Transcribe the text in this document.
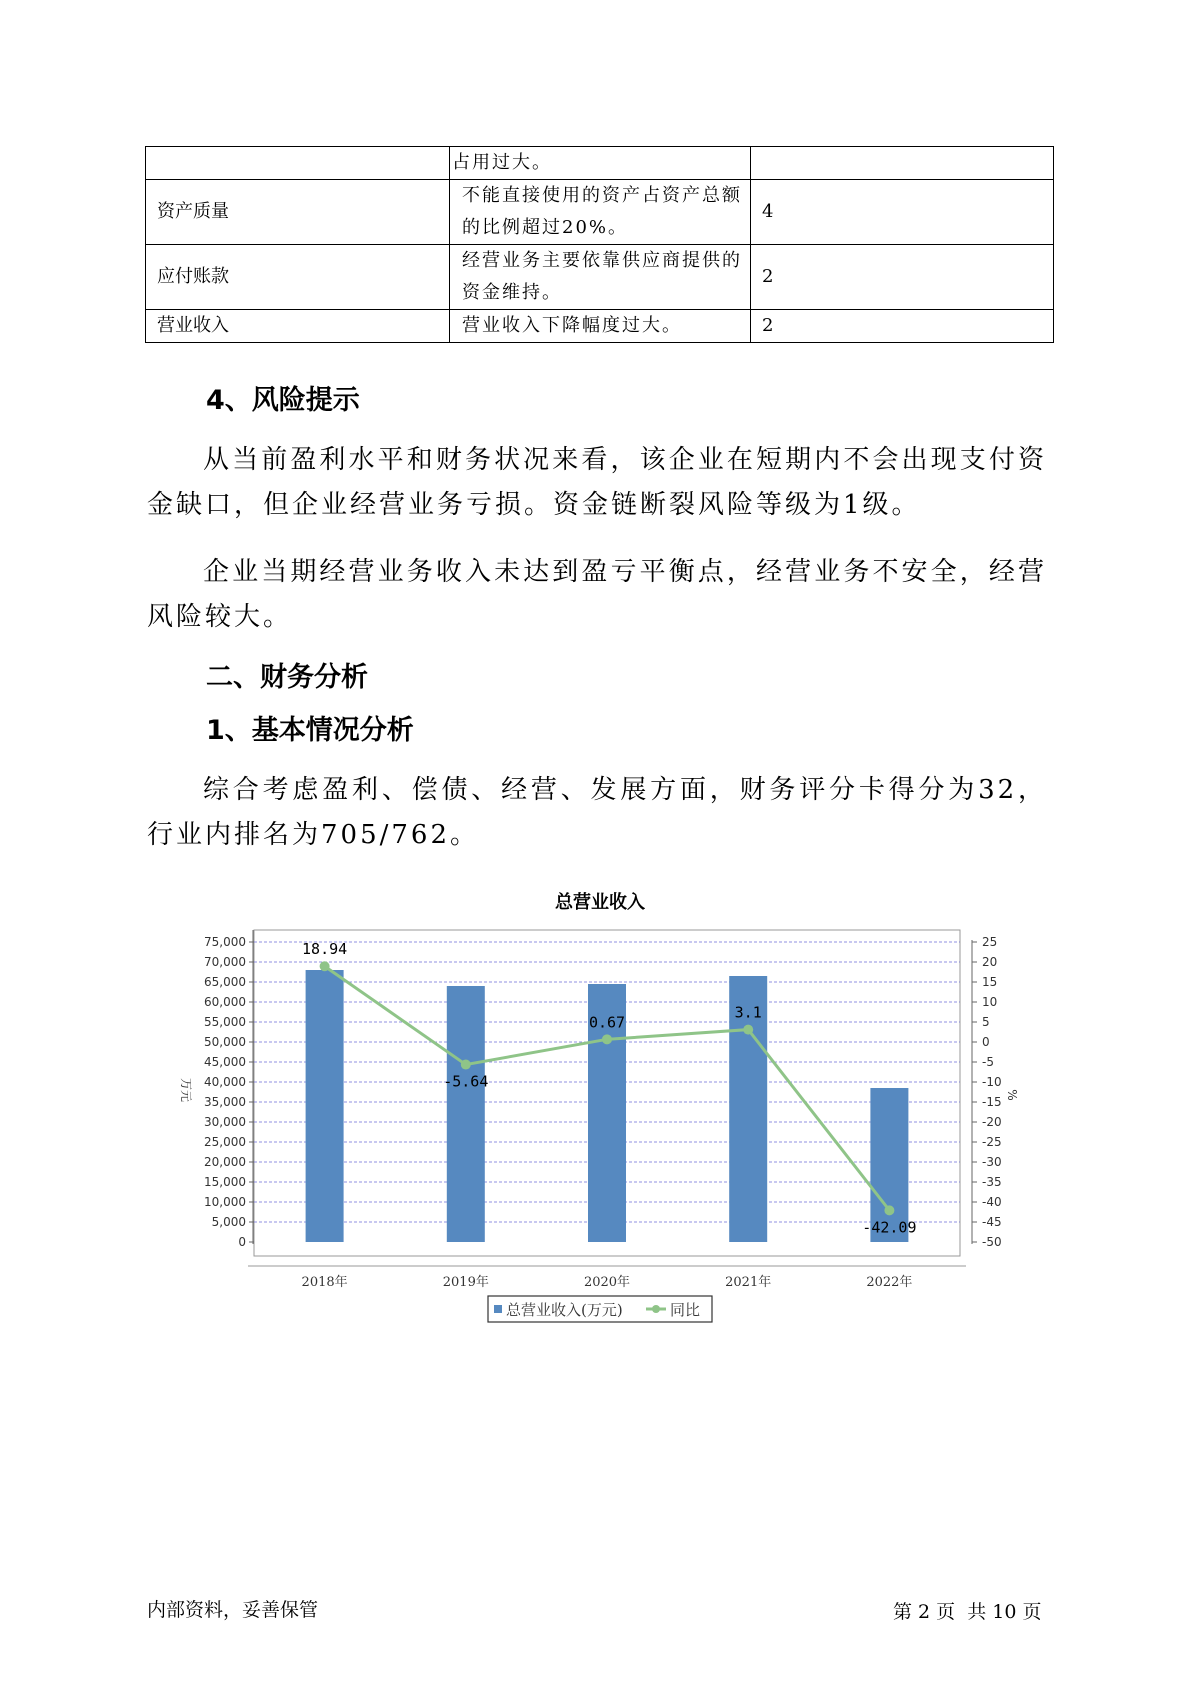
	占用过大。	
资产质量	不能直接使用的资产占资产总额的比例超过20%。	4
应付账款	经营业务主要依靠供应商提供的资金维持。	2
营业收入	营业收入下降幅度过大。	2
4、风险提示

从当前盈利水平和财务状况来看，该企业在短期内不会出现支付资金缺口，但企业经营业务亏损。资金链断裂风险等级为1级。

企业当期经营业务收入未达到盈亏平衡点，经营业务不安全，经营风险较大。

二、财务分析
1、基本情况分析

综合考虑盈利、偿债、经营、发展方面，财务评分卡得分为32，行业内排名为705/762。

总营业收入
0
5,000
10,000
15,000
20,000
25,000
30,000
35,000
40,000
45,000
50,000
55,000
60,000
65,000
70,000
75,000
-50
-45
-40
-35
-30
-25
-20
-15
-10
-5
0
5
10
15
20
25
万元	%
2018年	2019年	2020年	2021年	2022年
18.94
-5.64
0.67
3.1
-42.09
总营业收入(万元)	同比
内部资料，妥善保管	第 2 页  共 10 页
